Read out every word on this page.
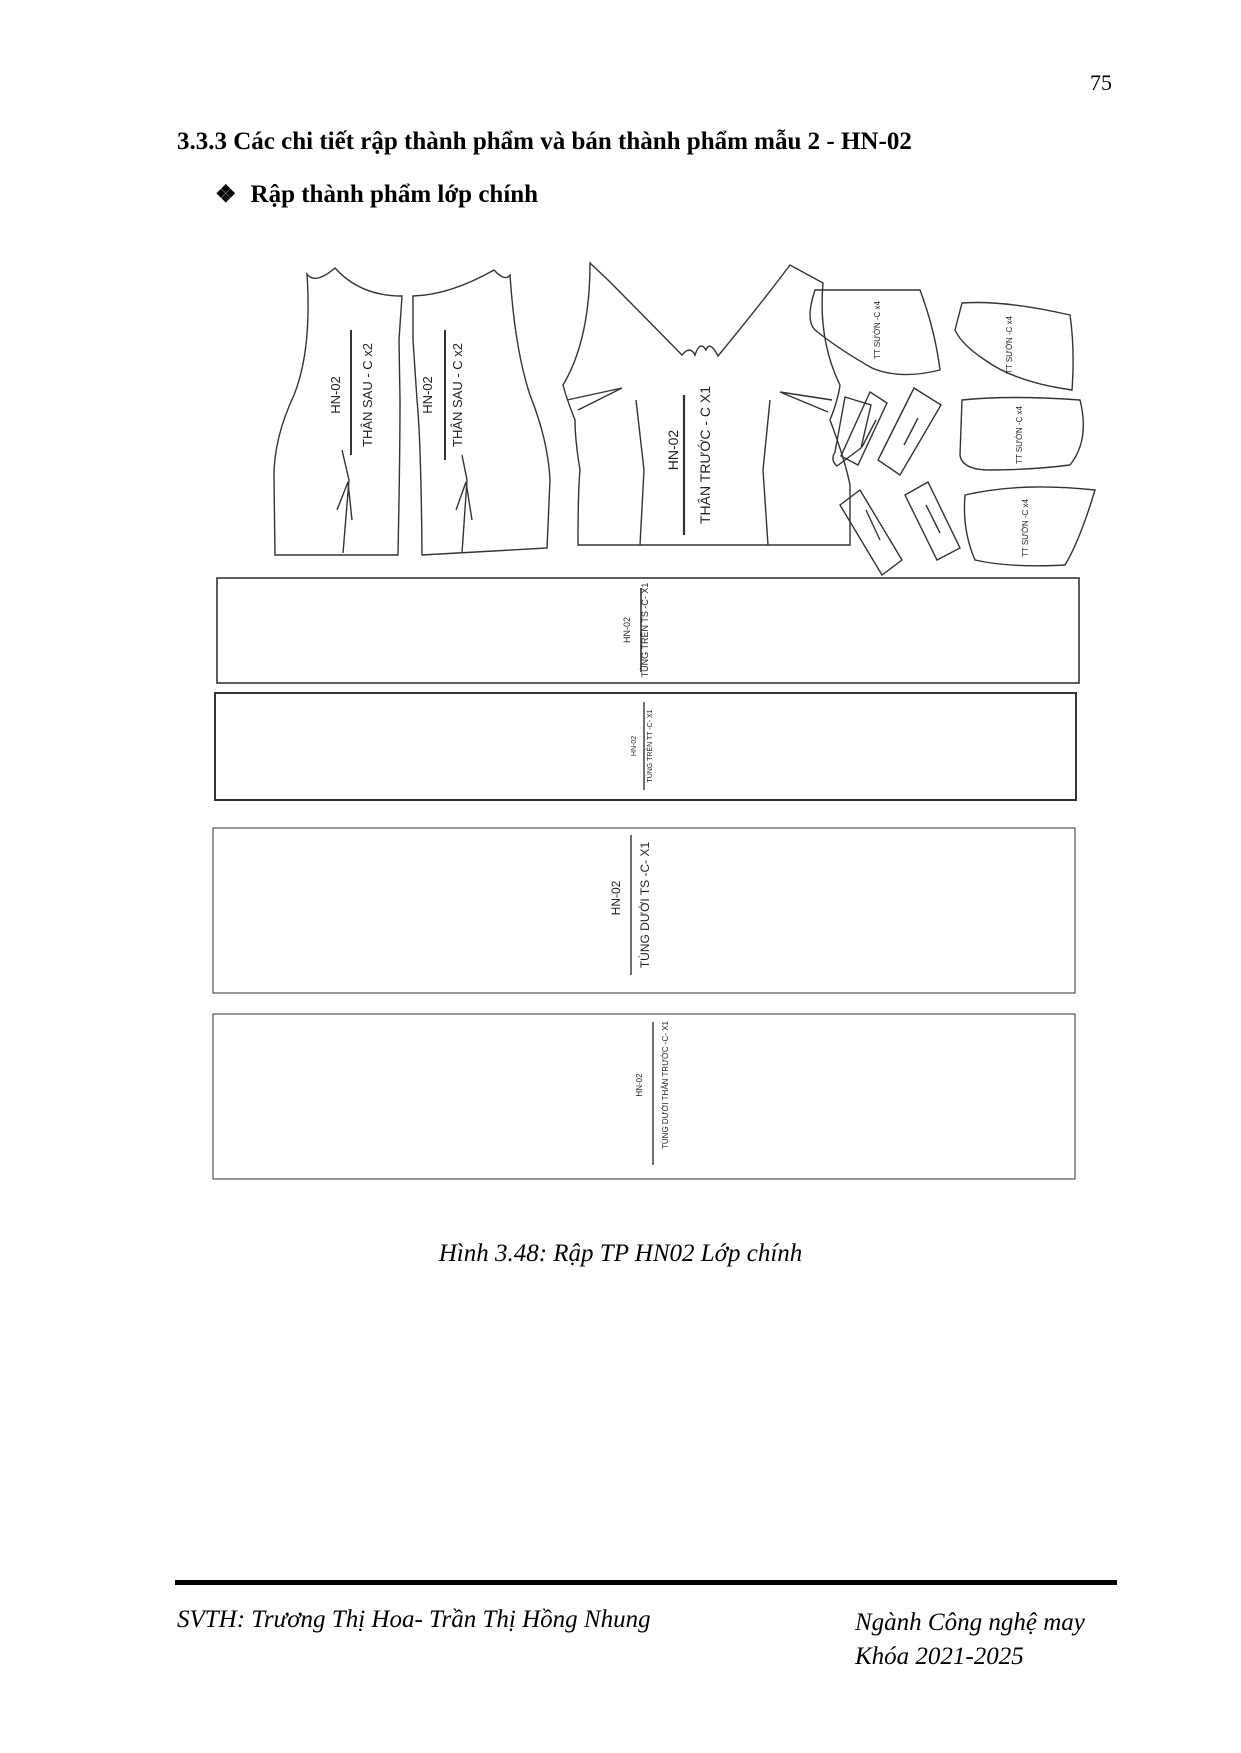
75
3.3.3 Các chi tiết rập thành phẩm và bán thành phẩm mẫu 2 - HN-02
❖ Rập thành phẩm lớp chính
HN-02 THÂN SAU - C x2	HN-02 THÂN SAU - C x2
HN-02 THÂN TRƯỚC - C X1
TT SƯỜN -C x4	TT SƯỜN -C x4
TT SƯỜN -C x4
TT SƯỜN -C x4
HN-02 TÙNG TRÊN TS -C- X1
HN-02 TÙNG TRÊN TT -C- X1
HN-02 TÙNG DƯỚI TS -C- X1
HN-02 TÙNG DƯỚI THÂN TRƯỚC -C- X1
Hình 3.48: Rập TP HN02 Lớp chính
SVTH: Trương Thị Hoa- Trần Thị Hồng Nhung	Ngành Công nghệ may
Khóa 2021-2025
